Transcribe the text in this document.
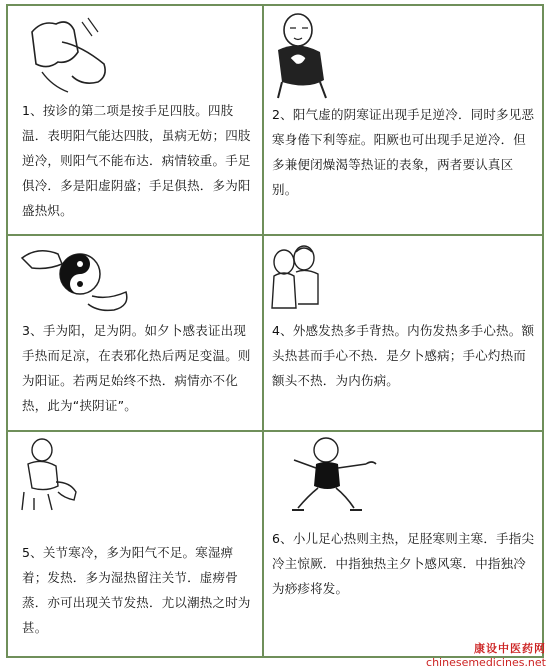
1、按诊的第二项是按手足四肢。四肢温．表明阳气能达四肢，虽病无妨；四肢逆冷，则阳气不能布达．病情较重。手足俱冷．多是阳虚阴盛；手足俱热．多为阳盛热炽。
2、阳气虚的阴寒证出现手足逆冷．同时多见恶寒身倦下利等症。阳厥也可出现手足逆冷．但多兼便闭燥渴等热证的表象，两者要认真区别。
3、手为阳，足为阴。如夕卜感表证出现手热而足凉，在表邪化热后两足变温。则为阳证。若两足始终不热．病情亦不化热，此为“挟阴证”。
4、外感发热多手背热。内伤发热多手心热。额头热甚而手心不热．是夕卜感病；手心灼热而额头不热．为内伤病。
5、关节寒冷，多为阳气不足。寒湿痹着；发热．多为湿热留注关节．虚痨骨蒸．亦可出现关节发热．尤以潮热之时为甚。
6、小儿足心热则主热，足胫寒则主寒．手指尖冷主惊厥．中指独热主夕卜感风寒．中指独冷为痧疹将发。
康设中医药网
chinesemedicines.net
